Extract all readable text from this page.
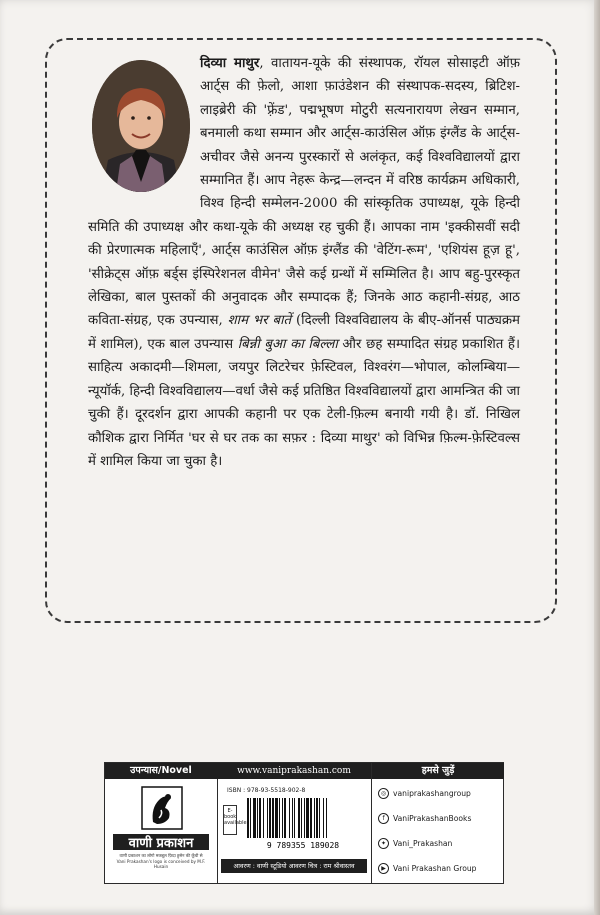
दिव्या माथुर, वातायन-यूके की संस्थापक, रॉयल सोसाइटी ऑफ़ आर्ट्स की फ़ेलो, आशा फ़ाउंडेशन की संस्थापक-सदस्य, ब्रिटिश-लाइब्रेरी की 'फ़्रेंड', पद्मभूषण मोटुरी सत्यनारायण लेखन सम्मान, बनमाली कथा सम्मान और आर्ट्स-काउंसिल ऑफ़ इंग्लैंड के आर्ट्स-अचीवर जैसे अनन्य पुरस्कारों से अलंकृत, कई विश्वविद्यालयों द्वारा सम्मानित हैं। आप नेहरू केन्द्र—लन्दन में वरिष्ठ कार्यक्रम अधिकारी, विश्व हिन्दी सम्मेलन-2000 की सांस्कृतिक उपाध्यक्ष, यूके हिन्दी समिति की उपाध्यक्ष और कथा-यूके की अध्यक्ष रह चुकी हैं। आपका नाम 'इक्कीसवीं सदी की प्रेरणात्मक महिलाएँ', आर्ट्स काउंसिल ऑफ़ इंग्लैंड की 'वेटिंग-रूम', 'एशियंस हूज़ हू', 'सीक्रेट्स ऑफ़ बर्ड्स इंस्पिरेशनल वीमेन' जैसे कई ग्रन्थों में सम्मिलित है। आप बहु-पुरस्कृत लेखिका, बाल पुस्तकों की अनुवादक और सम्पादक हैं; जिनके आठ कहानी-संग्रह, आठ कविता-संग्रह, एक उपन्यास, शाम भर बातें (दिल्ली विश्वविद्यालय के बीए-ऑनर्स पाठ्यक्रम में शामिल), एक बाल उपन्यास बिन्नी बुआ का बिल्ला और छह सम्पादित संग्रह प्रकाशित हैं। साहित्य अकादमी—शिमला, जयपुर लिटरेचर फ़ेस्टिवल, विश्वरंग—भोपाल, कोलम्बिया—न्यूयॉर्क, हिन्दी विश्वविद्यालय—वर्धा जैसे कई प्रतिष्ठित विश्वविद्यालयों द्वारा आमन्त्रित की जा चुकी हैं। दूरदर्शन द्वारा आपकी कहानी पर एक टेली-फ़िल्म बनायी गयी है। डॉ. निखिल कौशिक द्वारा निर्मित 'घर से घर तक का सफ़र : दिव्या माथुर' को विभिन्न फ़िल्म-फ़ेस्टिवल्स में शामिल किया जा चुका है।
उपन्यास/Novel
वाणी प्रकाशन
वाणी प्रकाशन का लोगो मकबूल फ़िदा हुसेन की कूँची से
Vani Prakashan's logo is conceived by M.F. Husain
www.vaniprakashan.com
ISBN : 978-93-5518-902-8
E-book available
9 789355 189028
आवरण : वाणी स्टूडियो आवरण चित्र : राम श्रीवास्तव
हमसे जुड़ें
◎ vaniprakashangroup
f	VaniPrakashanBooks
✦ Vani_Prakashan
▶ Vani Prakashan Group
